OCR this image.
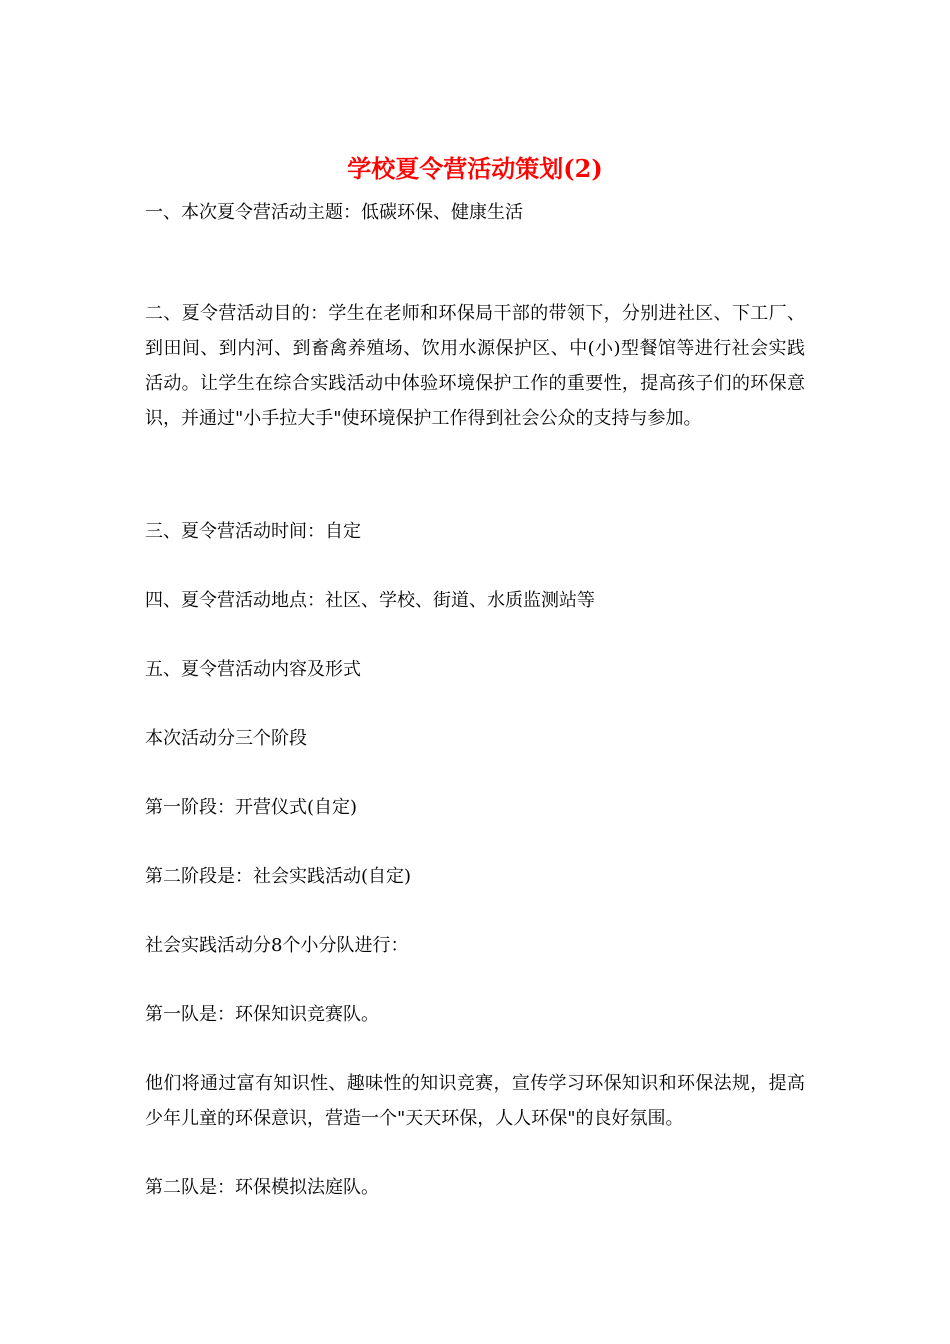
学校夏令营活动策划(2)

一、本次夏令营活动主题：低碳环保、健康生活

二、夏令营活动目的：学生在老师和环保局干部的带领下，分别进社区、下工厂、到田间、到内河、到畜禽养殖场、饮用水源保护区、中(小)型餐馆等进行社会实践活动。让学生在综合实践活动中体验环境保护工作的重要性，提高孩子们的环保意识，并通过"小手拉大手"使环境保护工作得到社会公众的支持与参加。

三、夏令营活动时间：自定

四、夏令营活动地点：社区、学校、街道、水质监测站等

五、夏令营活动内容及形式

本次活动分三个阶段

第一阶段：开营仪式(自定)

第二阶段是：社会实践活动(自定)

社会实践活动分8个小分队进行：

第一队是：环保知识竞赛队。

他们将通过富有知识性、趣味性的知识竞赛，宣传学习环保知识和环保法规，提高少年儿童的环保意识，营造一个"天天环保，人人环保"的良好氛围。

第二队是：环保模拟法庭队。
